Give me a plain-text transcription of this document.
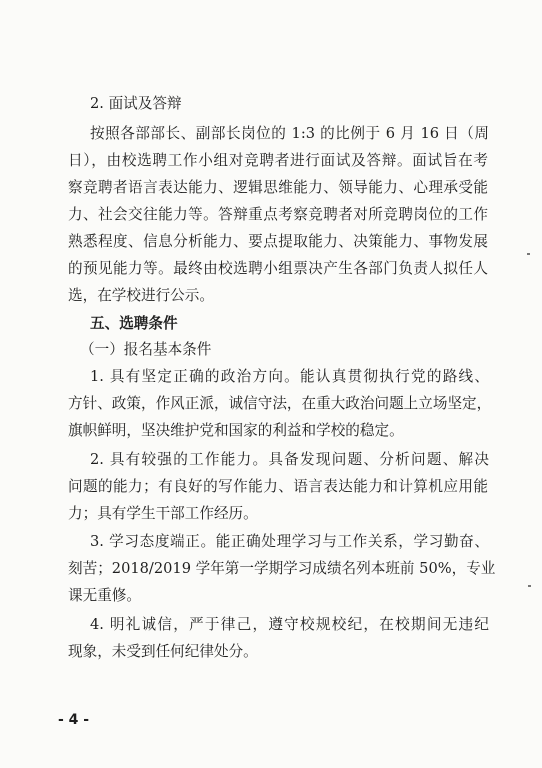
2. 面试及答辩
按照各部部长、副部长岗位的 1:3 的比例于 6 月 16 日（周
日），由校选聘工作小组对竞聘者进行面试及答辩。面试旨在考
察竞聘者语言表达能力、逻辑思维能力、领导能力、心理承受能
力、社会交往能力等。答辩重点考察竞聘者对所竞聘岗位的工作
熟悉程度、信息分析能力、要点提取能力、决策能力、事物发展
的预见能力等。最终由校选聘小组票决产生各部门负责人拟任人
选，在学校进行公示。
五、选聘条件
（一）报名基本条件
1. 具有坚定正确的政治方向。能认真贯彻执行党的路线、
方针、政策，作风正派，诚信守法，在重大政治问题上立场坚定，
旗帜鲜明，坚决维护党和国家的利益和学校的稳定。
2. 具有较强的工作能力。具备发现问题、分析问题、解决
问题的能力；有良好的写作能力、语言表达能力和计算机应用能
力；具有学生干部工作经历。
3. 学习态度端正。能正确处理学习与工作关系，学习勤奋、
刻苦；2018/2019 学年第一学期学习成绩名列本班前 50%，专业
课无重修。
4. 明礼诚信，严于律己，遵守校规校纪，在校期间无违纪
现象，未受到任何纪律处分。
- 4 -
